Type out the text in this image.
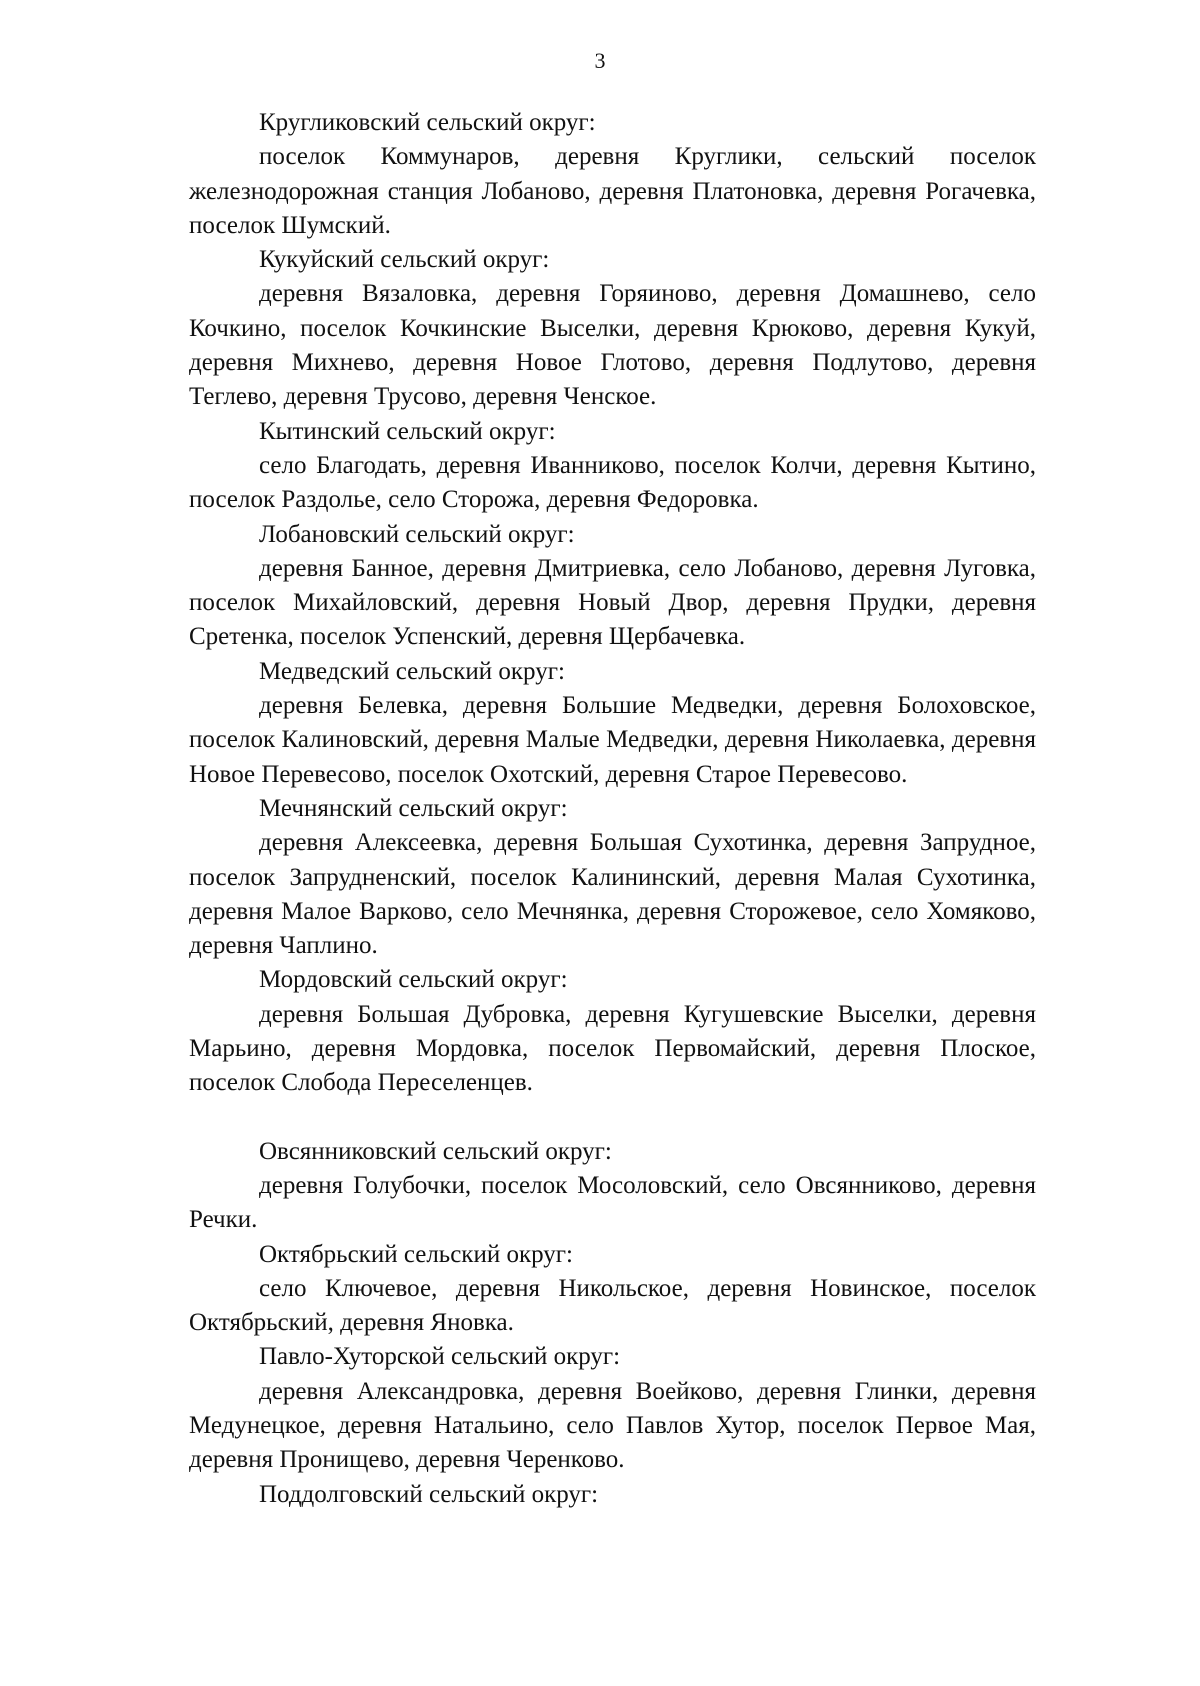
3

Кругликовский сельский округ:

поселок Коммунаров, деревня Круглики, сельский поселок железнодорожная станция Лобаново, деревня Платоновка, деревня Рогачевка, поселок Шумский.

Кукуйский сельский округ:

деревня Вязаловка, деревня Горяиново, деревня Домашнево, село Кочкино, поселок Кочкинские Выселки, деревня Крюково, деревня Кукуй, деревня Михнево, деревня Новое Глотово, деревня Подлутово, деревня Теглево, деревня Трусово, деревня Ченское.

Кытинский сельский округ:

село Благодать, деревня Иванниково, поселок Колчи, деревня Кытино, поселок Раздолье, село Сторожа, деревня Федоровка.

Лобановский сельский округ:

деревня Банное, деревня Дмитриевка, село Лобаново, деревня Луговка, поселок Михайловский, деревня Новый Двор, деревня Прудки, деревня Сретенка, поселок Успенский, деревня Щербачевка.

Медведский сельский округ:

деревня Белевка, деревня Большие Медведки, деревня Болоховское, поселок Калиновский, деревня Малые Медведки, деревня Николаевка, деревня Новое Перевесово, поселок Охотский, деревня Старое Перевесово.

Мечнянский сельский округ:

деревня Алексеевка, деревня Большая Сухотинка, деревня Запрудное, поселок Запрудненский, поселок Калининский, деревня Малая Сухотинка, деревня Малое Варково, село Мечнянка, деревня Сторожевое, село Хомяково, деревня Чаплино.

Мордовский сельский округ:

деревня Большая Дубровка, деревня Кугушевские Выселки, деревня Марьино, деревня Мордовка, поселок Первомайский, деревня Плоское, поселок Слобода Переселенцев.

Овсянниковский сельский округ:

деревня Голубочки, поселок Мосоловский, село Овсянниково, деревня Речки.

Октябрьский сельский округ:

село Ключевое, деревня Никольское, деревня Новинское, поселок Октябрьский, деревня Яновка.

Павло-Хуторской сельский округ:

деревня Александровка, деревня Воейково, деревня Глинки, деревня Медунецкое, деревня Натальино, село Павлов Хутор, поселок Первое Мая, деревня Пронищево, деревня Черенково.

Поддолговский сельский округ:
